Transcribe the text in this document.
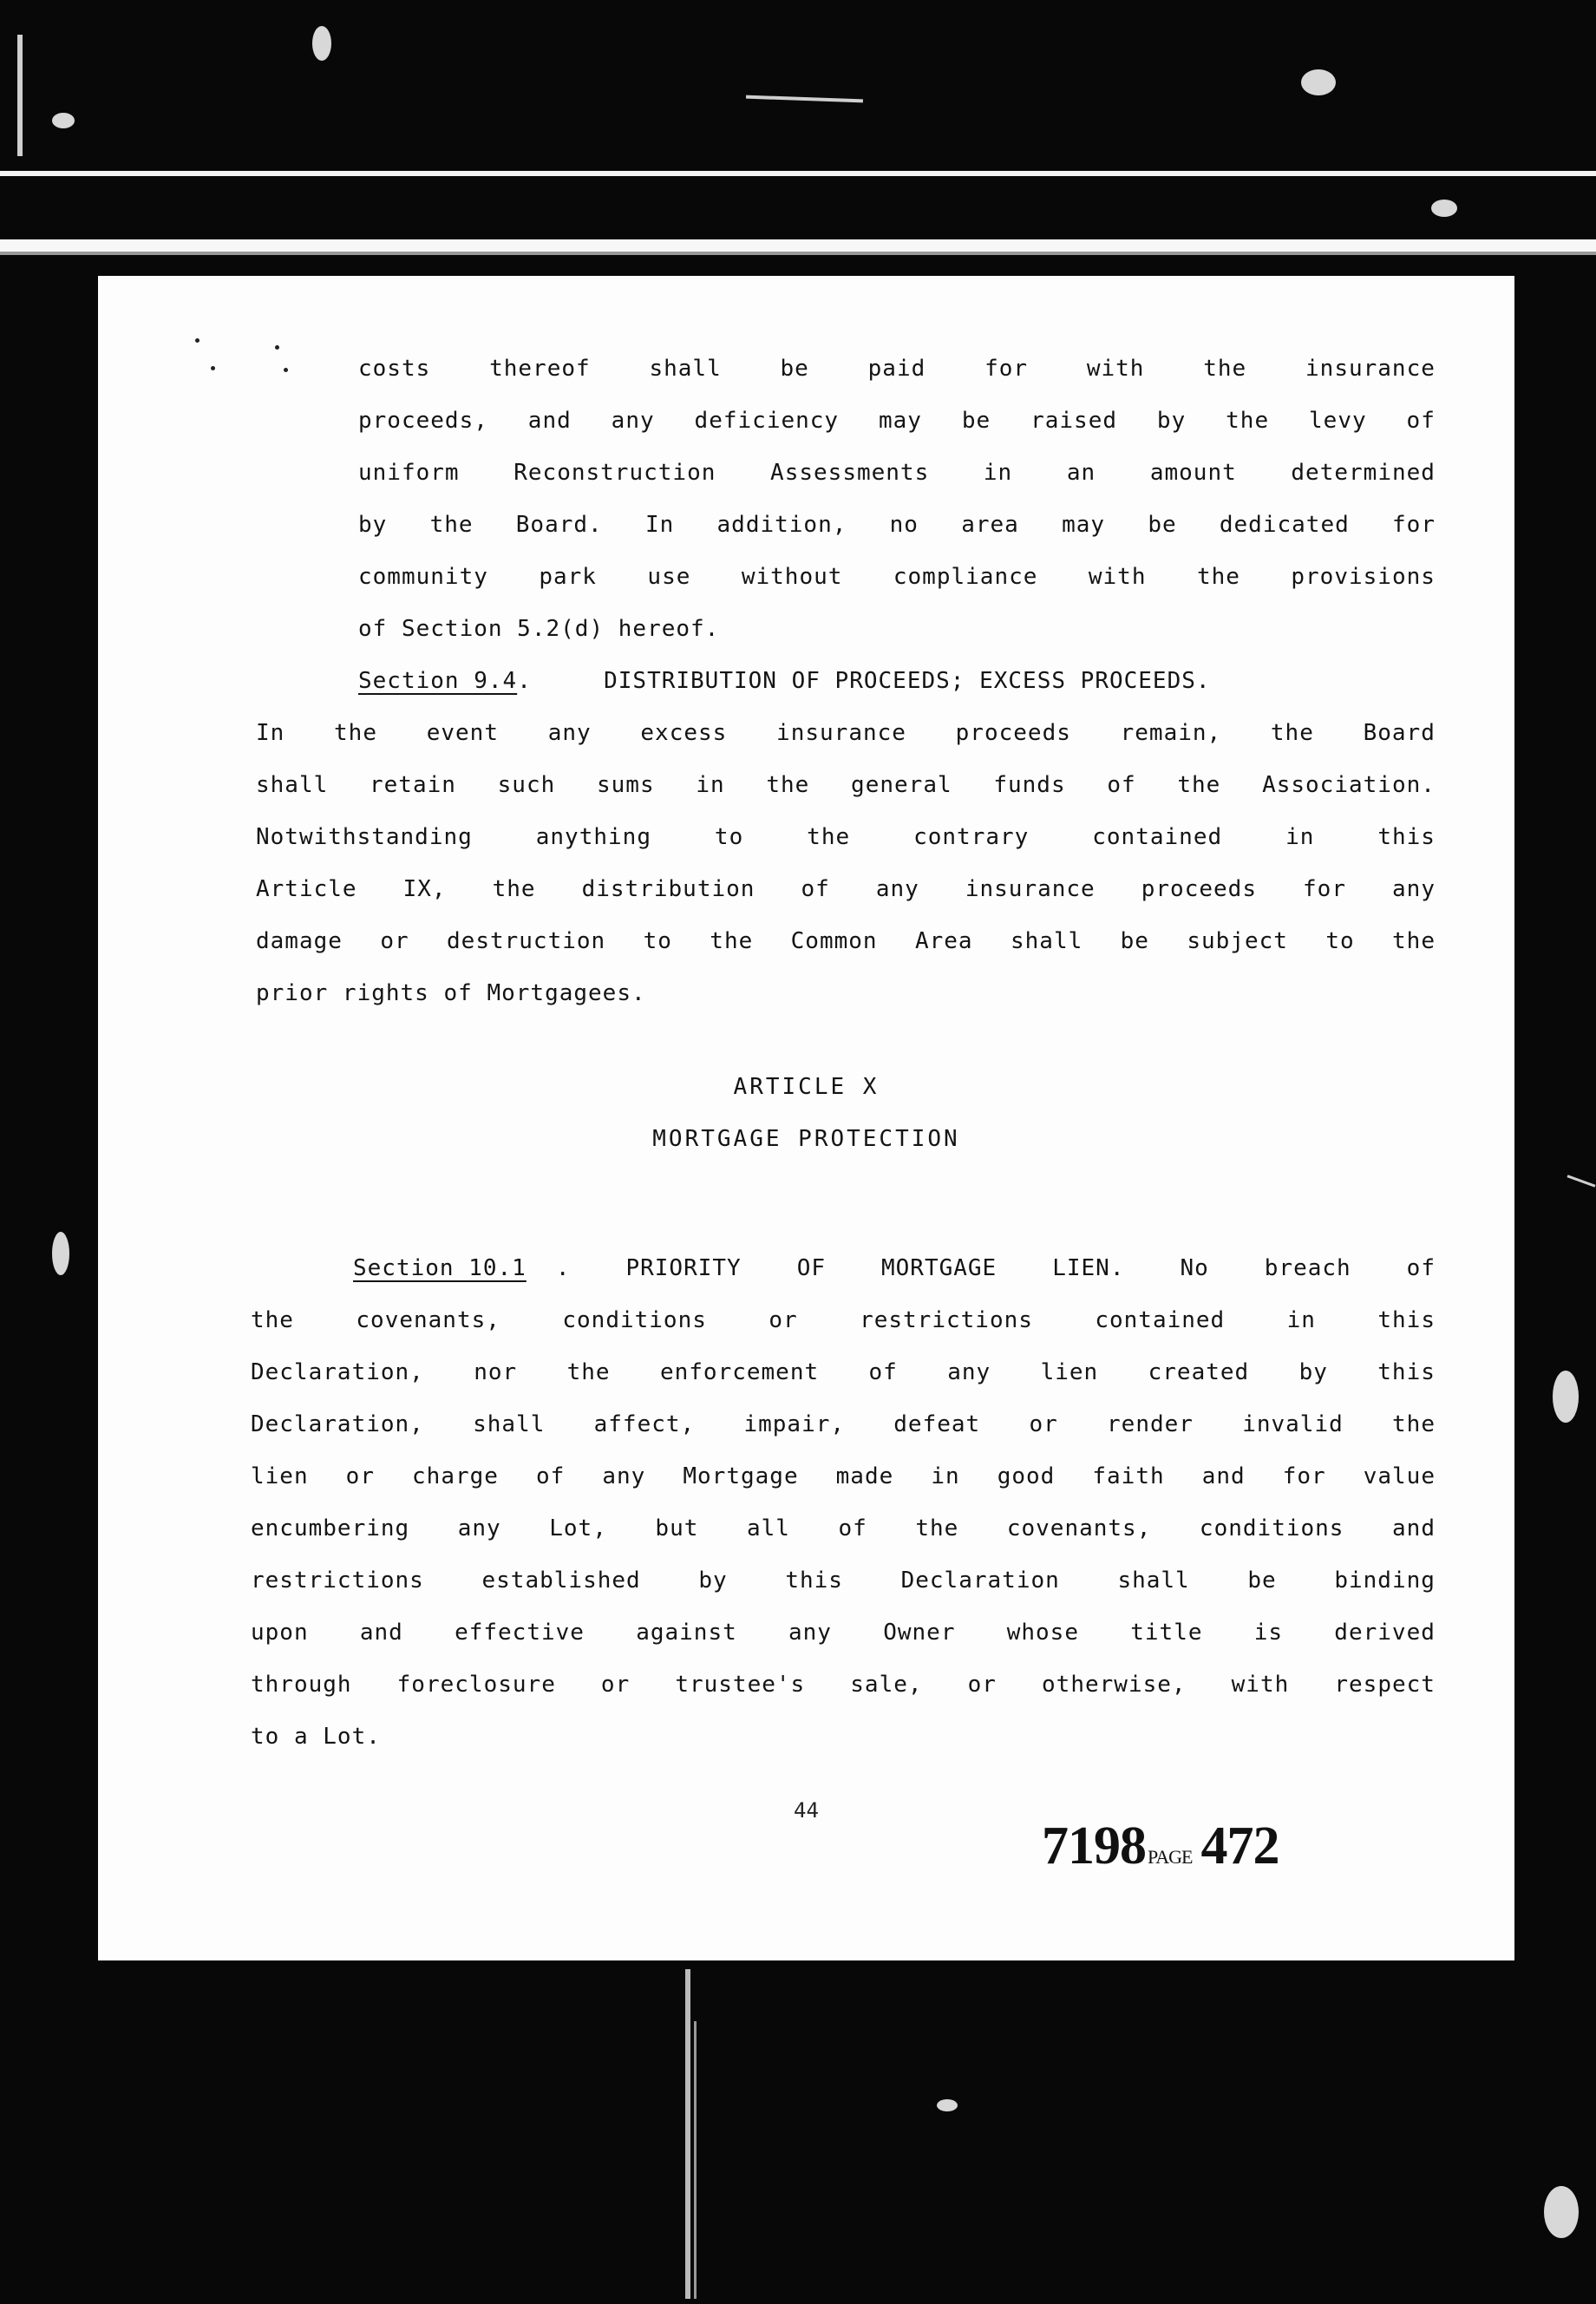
costs	thereof	shall	be	paid	for	with	the	insurance
proceeds, and any deficiency may be raised by the levy of
uniform Reconstruction Assessments in an amount determined
by the Board. In addition, no area may be dedicated for
community park use without compliance with the provisions
of Section 5.2(d) hereof.
Section 9.4 .     DISTRIBUTION OF PROCEEDS; EXCESS PROCEEDS.
In the event any excess insurance proceeds remain, the Board
shall retain such sums in the general funds of the Association.
Notwithstanding	anything	to	the	contrary	contained	in	this
Article IX, the distribution of any insurance proceeds for any
damage or destruction to the Common Area shall be subject to the
prior rights of Mortgagees.
ARTICLE X
MORTGAGE PROTECTION
Section 10.1 . PRIORITY OF MORTGAGE LIEN. No breach of
the	covenants,	conditions	or	restrictions	contained	in	this
Declaration, nor the enforcement of any lien created by this
Declaration, shall affect, impair, defeat or render invalid the
lien or charge of any Mortgage made in good faith and for value
encumbering any Lot, but all of the covenants, conditions and
restrictions	established	by	this	Declaration	shall	be	binding
upon and effective against any Owner whose title is derived
through foreclosure or trustee's sale, or otherwise, with respect
to a Lot.
44
7198PAGE 472
